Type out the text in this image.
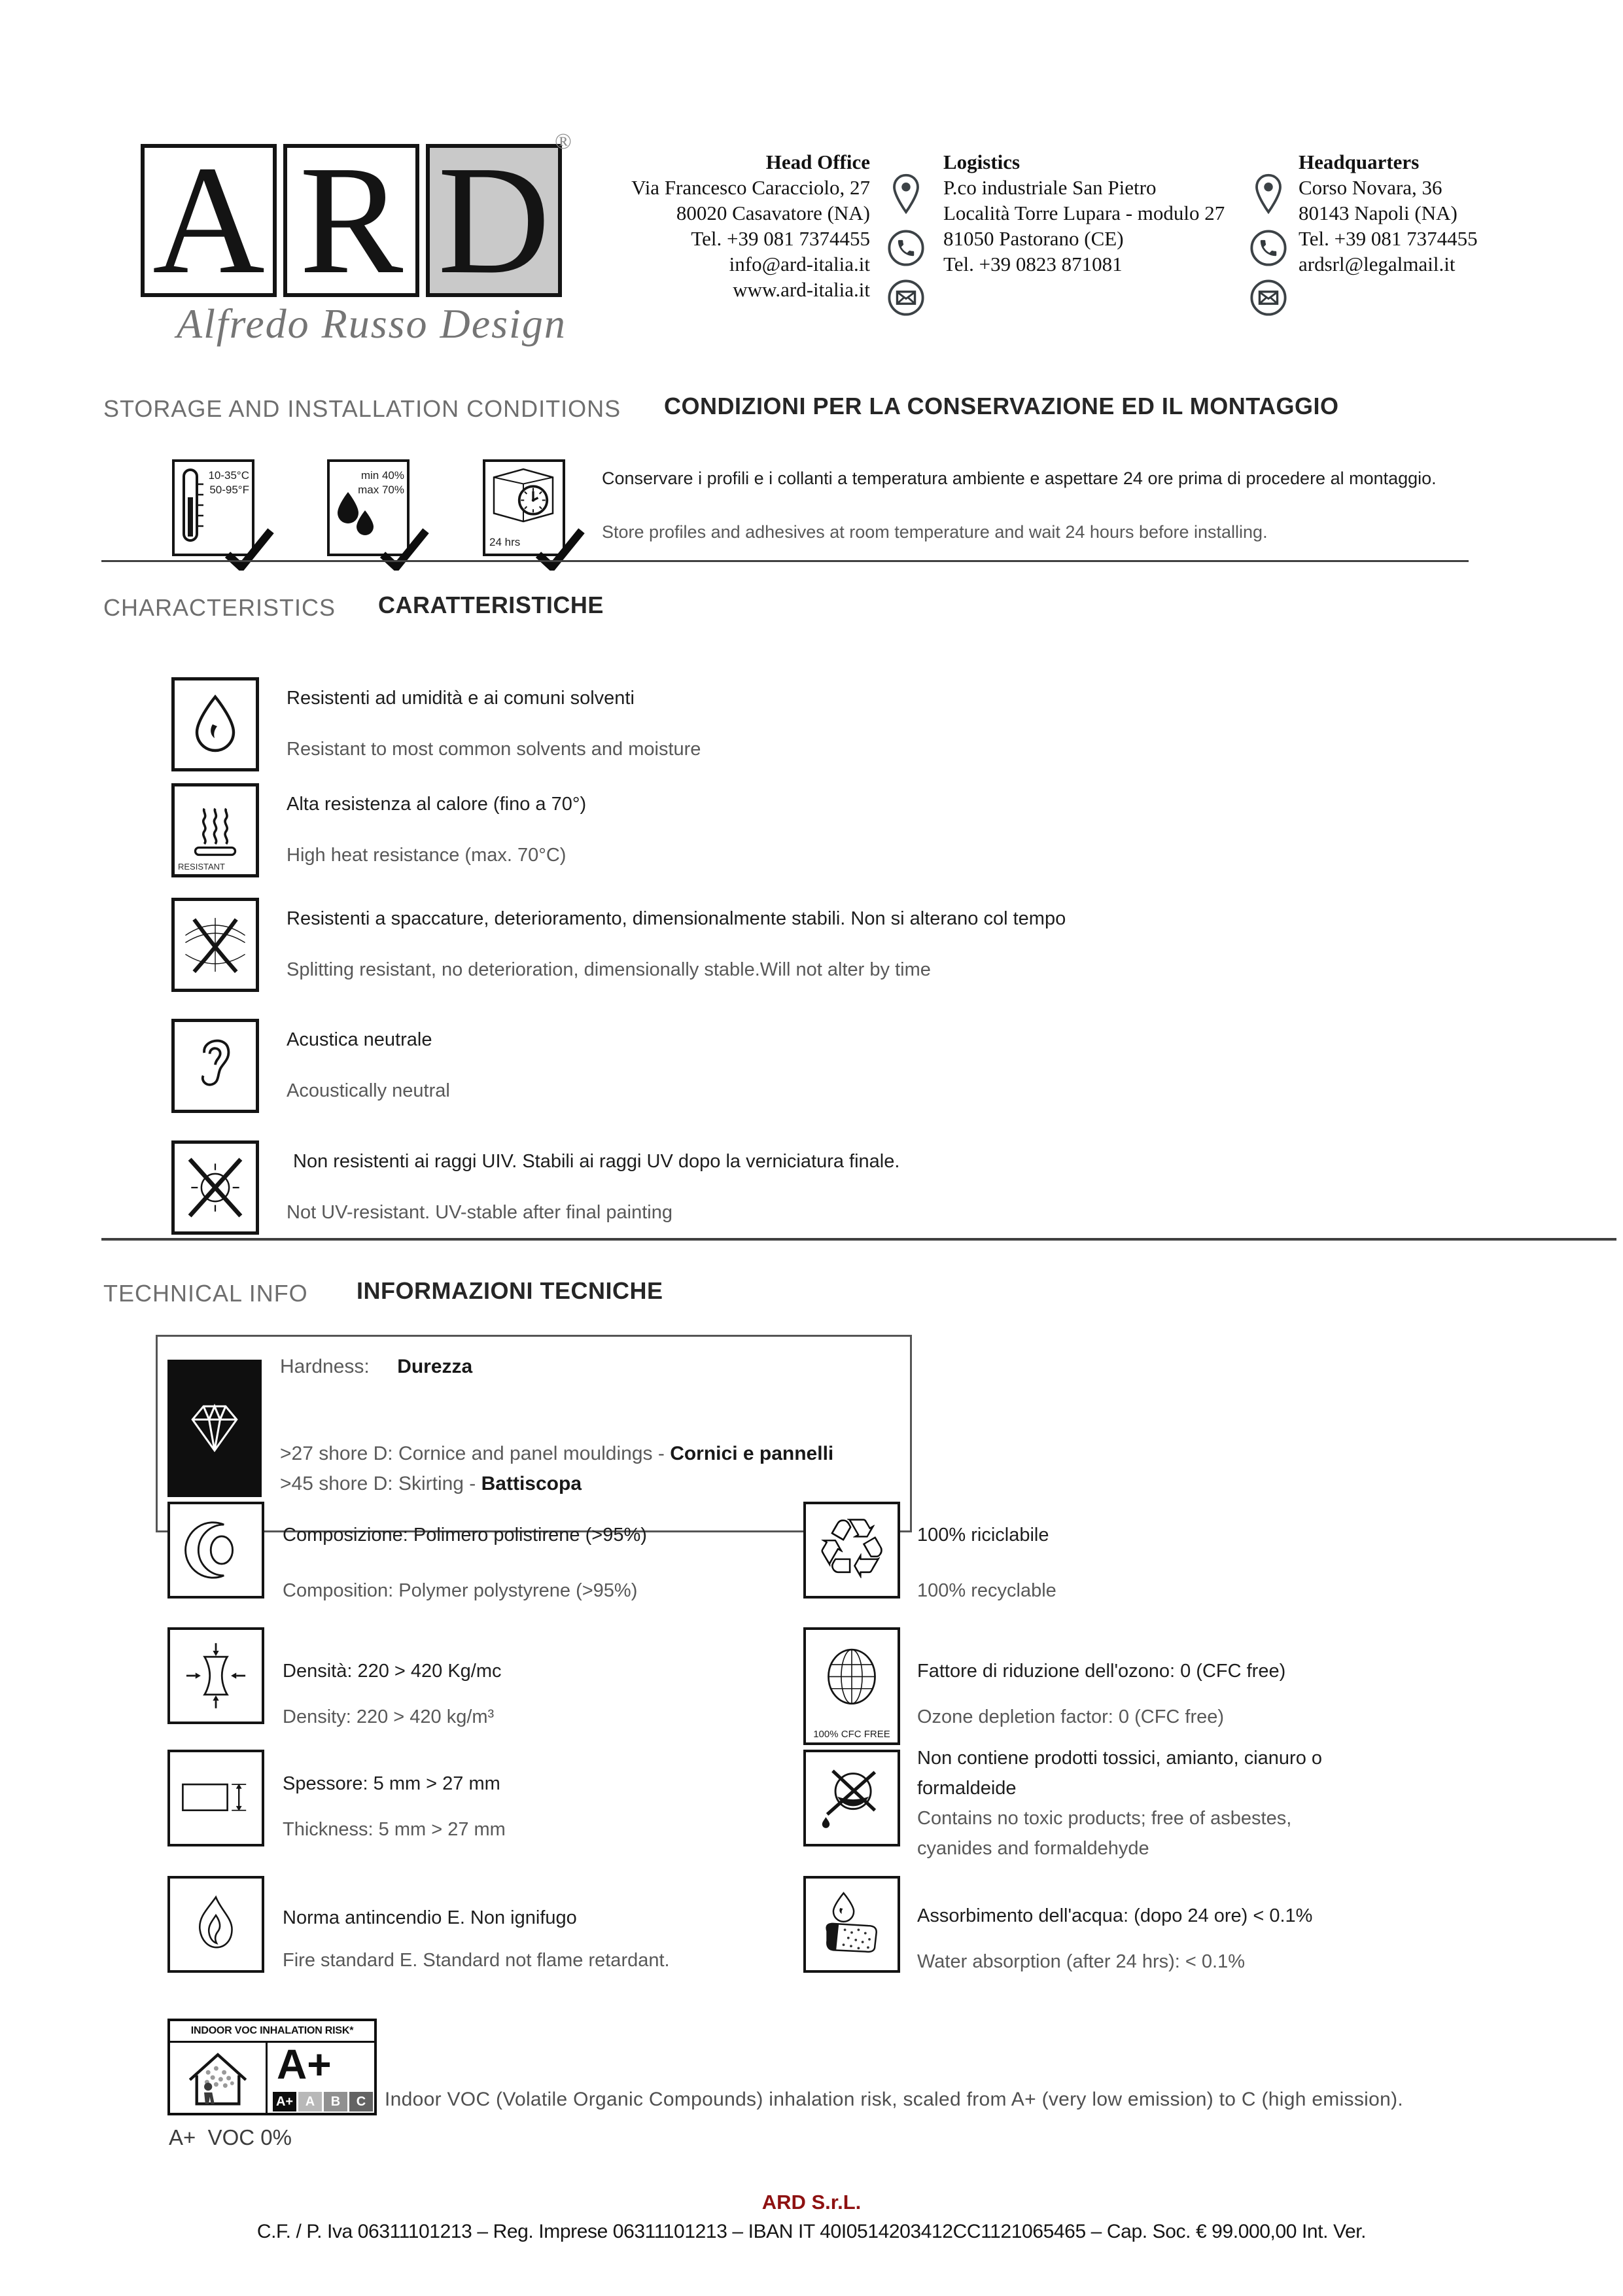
A R D ®
Alfredo Russo Design
Head Office
Via Francesco Caracciolo, 27
80020 Casavatore (NA)
Tel. +39 081 7374455
info@ard-italia.it
www.ard-italia.it
Logistics
P.co industriale San Pietro
Località Torre Lupara - modulo 27
81050 Pastorano (CE)
Tel. +39 0823 871081
Headquarters
Corso Novara, 36
80143 Napoli (NA)
Tel. +39 081 7374455
ardsrl@legalmail.it
STORAGE AND INSTALLATION CONDITIONS CONDIZIONI PER LA CONSERVAZIONE ED IL MONTAGGIO
10-35°C
50-95°F
min 40%
max 70%
24 hrs
Conservare i profili e i collanti a temperatura ambiente e aspettare 24 ore prima di procedere al montaggio.
Store profiles and adhesives at room temperature and wait 24 hours before installing.
CHARACTERISTICS CARATTERISTICHE
Resistenti ad umidità e ai comuni solventi
Resistant to most common solvents and moisture
RESISTANT
Alta resistenza al calore (fino a 70°)
High heat resistance (max. 70°C)
Resistenti a spaccature, deterioramento, dimensionalmente stabili. Non si alterano col tempo
Splitting resistant, no deterioration, dimensionally stable.Will not alter by time
Acustica neutrale
Acoustically neutral
Non resistenti ai raggi UIV. Stabili ai raggi UV dopo la verniciatura finale.
Not UV-resistant. UV-stable after final painting
TECHNICAL INFO INFORMAZIONI TECNICHE
Hardness: Durezza
>27 shore D: Cornice and panel mouldings - Cornici e pannelli
>45 shore D: Skirting - Battiscopa
Composizione: Polimero polistirene (>95%)
Composition: Polymer polystyrene (>95%)
Densità: 220 > 420 Kg/mc
Density: 220 > 420 kg/m³
Spessore: 5 mm > 27 mm
Thickness: 5 mm > 27 mm
Norma antincendio E. Non ignifugo
Fire standard E. Standard not flame retardant.
♲ 100% riciclabile
100% recyclable
100% CFC FREE
Fattore di riduzione dell'ozono: 0 (CFC free)
Ozone depletion factor: 0 (CFC free)
Non contiene prodotti tossici, amianto, cianuro o formaldeide
Contains no toxic products; free of asbestes, cyanides and formaldehyde
Assorbimento dell'acqua: (dopo 24 ore) < 0.1%
Water absorption (after 24 hrs): < 0.1%
INDOOR VOC INHALATION RISK*
A+
A+ A	B	C
A+  VOC 0%
Indoor VOC (Volatile Organic Compounds) inhalation risk, scaled from A+ (very low emission) to C (high emission).
ARD S.r.L.
C.F. / P. Iva 06311101213 – Reg. Imprese 06311101213 – IBAN IT 40I0514203412CC1121065465 – Cap. Soc. € 99.000,00 Int. Ver.
